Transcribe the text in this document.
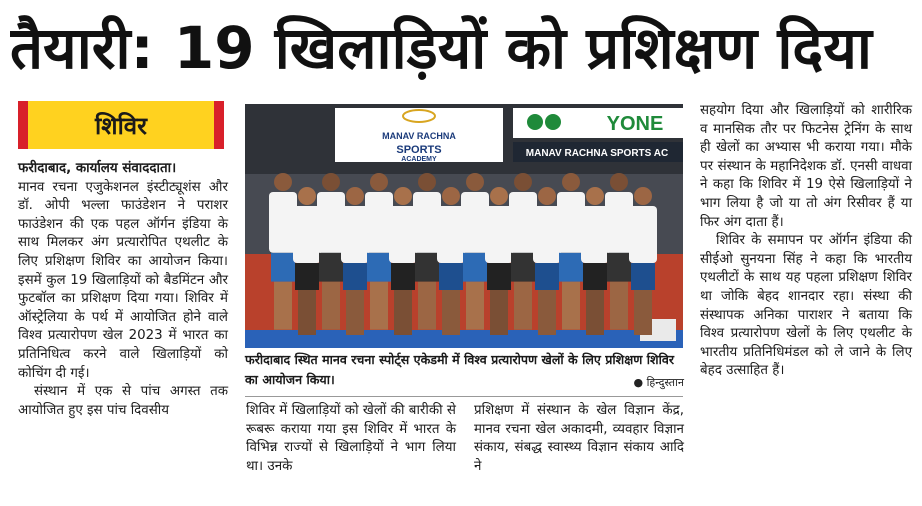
तैयारी: 19 खिलाड़ियों को प्रशिक्षण दिया
शिविर

फरीदाबाद, कार्यालय संवाददाता।

मानव रचना एजुकेशनल इंस्टीट्यूशंस और डॉ. ओपी भल्ला फाउंडेशन ने पराशर फाउंडेशन की एक पहल ऑर्गन इंडिया के साथ मिलकर अंग प्रत्यारोपित एथलीट के लिए प्रशिक्षण शिविर का आयोजन किया। इसमें कुल 19 खिलाड़ियों को बैडमिंटन और फुटबॉल का प्रशिक्षण दिया गया। शिविर में ऑस्ट्रेलिया के पर्थ में आयोजित होने वाले विश्व प्रत्यारोपण खेल 2023 में भारत का प्रतिनिधित्व करने वाले खिलाड़ियों को कोचिंग दी गई।

संस्थान में एक से पांच अगस्त तक आयोजित हुए इस पांच दिवसीय

MANAV RACHNA
SPORTS
ACADEMY
YONE
MANAV RACHNA SPORTS AC
फरीदाबाद स्थित मानव रचना स्पोर्ट्स एकेडमी में विश्व प्रत्यारोपण खेलों के लिए प्रशिक्षण शिविर का आयोजन किया।	● हिन्दुस्तान

शिविर में खिलाड़ियों को खेलों की बारीकी से रूबरू कराया गया इस शिविर में भारत के विभिन्न राज्यों से खिलाड़ियों ने भाग लिया था। उनके

प्रशिक्षण में संस्थान के खेल विज्ञान केंद्र, मानव रचना खेल अकादमी, व्यवहार विज्ञान संकाय, संबद्ध स्वास्थ्य विज्ञान संकाय आदि ने

सहयोग दिया और खिलाड़ियों को शारीरिक व मानसिक तौर पर फिटनेस ट्रेनिंग के साथ ही खेलों का अभ्यास भी कराया गया। मौके पर संस्थान के महानिदेशक डॉ. एनसी वाधवा ने कहा कि शिविर में 19 ऐसे खिलाड़ियों ने भाग लिया है जो या तो अंग रिसीवर हैं या फिर अंग दाता हैं।

शिविर के समापन पर ऑर्गन इंडिया की सीईओ सुनयना सिंह ने कहा कि भारतीय एथलीटों के साथ यह पहला प्रशिक्षण शिविर था जोकि बेहद शानदार रहा। संस्था की संस्थापक अनिका पाराशर ने बताया कि विश्व प्रत्यारोपण खेलों के लिए एथलीट के भारतीय प्रतिनिधिमंडल को ले जाने के लिए बेहद उत्साहित हैं।
